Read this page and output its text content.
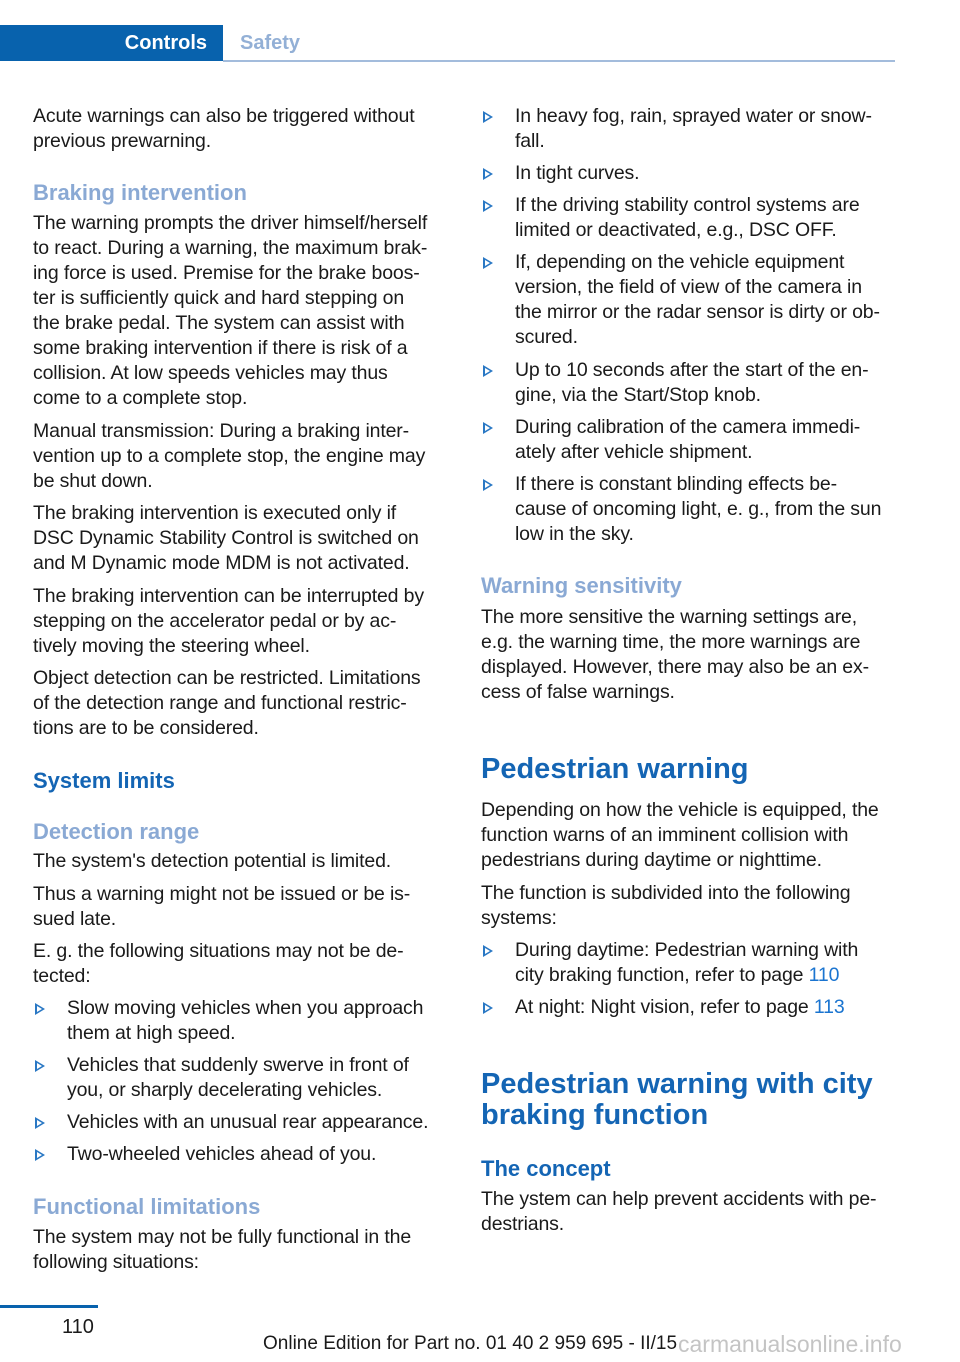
Controls	Safety
Acute warnings can also be triggered without
previous prewarning.
Braking intervention
The warning prompts the driver himself/herself
to react. During a warning, the maximum brak-
ing force is used. Premise for the brake boos-
ter is sufficiently quick and hard stepping on
the brake pedal. The system can assist with
some braking intervention if there is risk of a
collision. At low speeds vehicles may thus
come to a complete stop.
Manual transmission: During a braking inter-
vention up to a complete stop, the engine may
be shut down.
The braking intervention is executed only if
DSC Dynamic Stability Control is switched on
and M Dynamic mode MDM is not activated.
The braking intervention can be interrupted by
stepping on the accelerator pedal or by ac-
tively moving the steering wheel.
Object detection can be restricted. Limitations
of the detection range and functional restric-
tions are to be considered.
System limits
Detection range
The system's detection potential is limited.
Thus a warning might not be issued or be is-
sued late.
E. g. the following situations may not be de-
tected:
Slow moving vehicles when you approach
them at high speed.
Vehicles that suddenly swerve in front of
you, or sharply decelerating vehicles.
Vehicles with an unusual rear appearance.
Two-wheeled vehicles ahead of you.
Functional limitations
The system may not be fully functional in the
following situations:
In heavy fog, rain, sprayed water or snow-
fall.
In tight curves.
If the driving stability control systems are
limited or deactivated, e.g., DSC OFF.
If, depending on the vehicle equipment
version, the field of view of the camera in
the mirror or the radar sensor is dirty or ob-
scured.
Up to 10 seconds after the start of the en-
gine, via the Start/Stop knob.
During calibration of the camera immedi-
ately after vehicle shipment.
If there is constant blinding effects be-
cause of oncoming light, e. g., from the sun
low in the sky.
Warning sensitivity
The more sensitive the warning settings are,
e.g. the warning time, the more warnings are
displayed. However, there may also be an ex-
cess of false warnings.
Pedestrian warning
Depending on how the vehicle is equipped, the
function warns of an imminent collision with
pedestrians during daytime or nighttime.
The function is subdivided into the following
systems:
During daytime: Pedestrian warning with
city braking function, refer to page 110
At night: Night vision, refer to page 113
Pedestrian warning with city
braking function
The concept
The ystem can help prevent accidents with pe-
destrians.
110
Online Edition for Part no. 01 40 2 959 695 - II/15 carmanualsonline.info
